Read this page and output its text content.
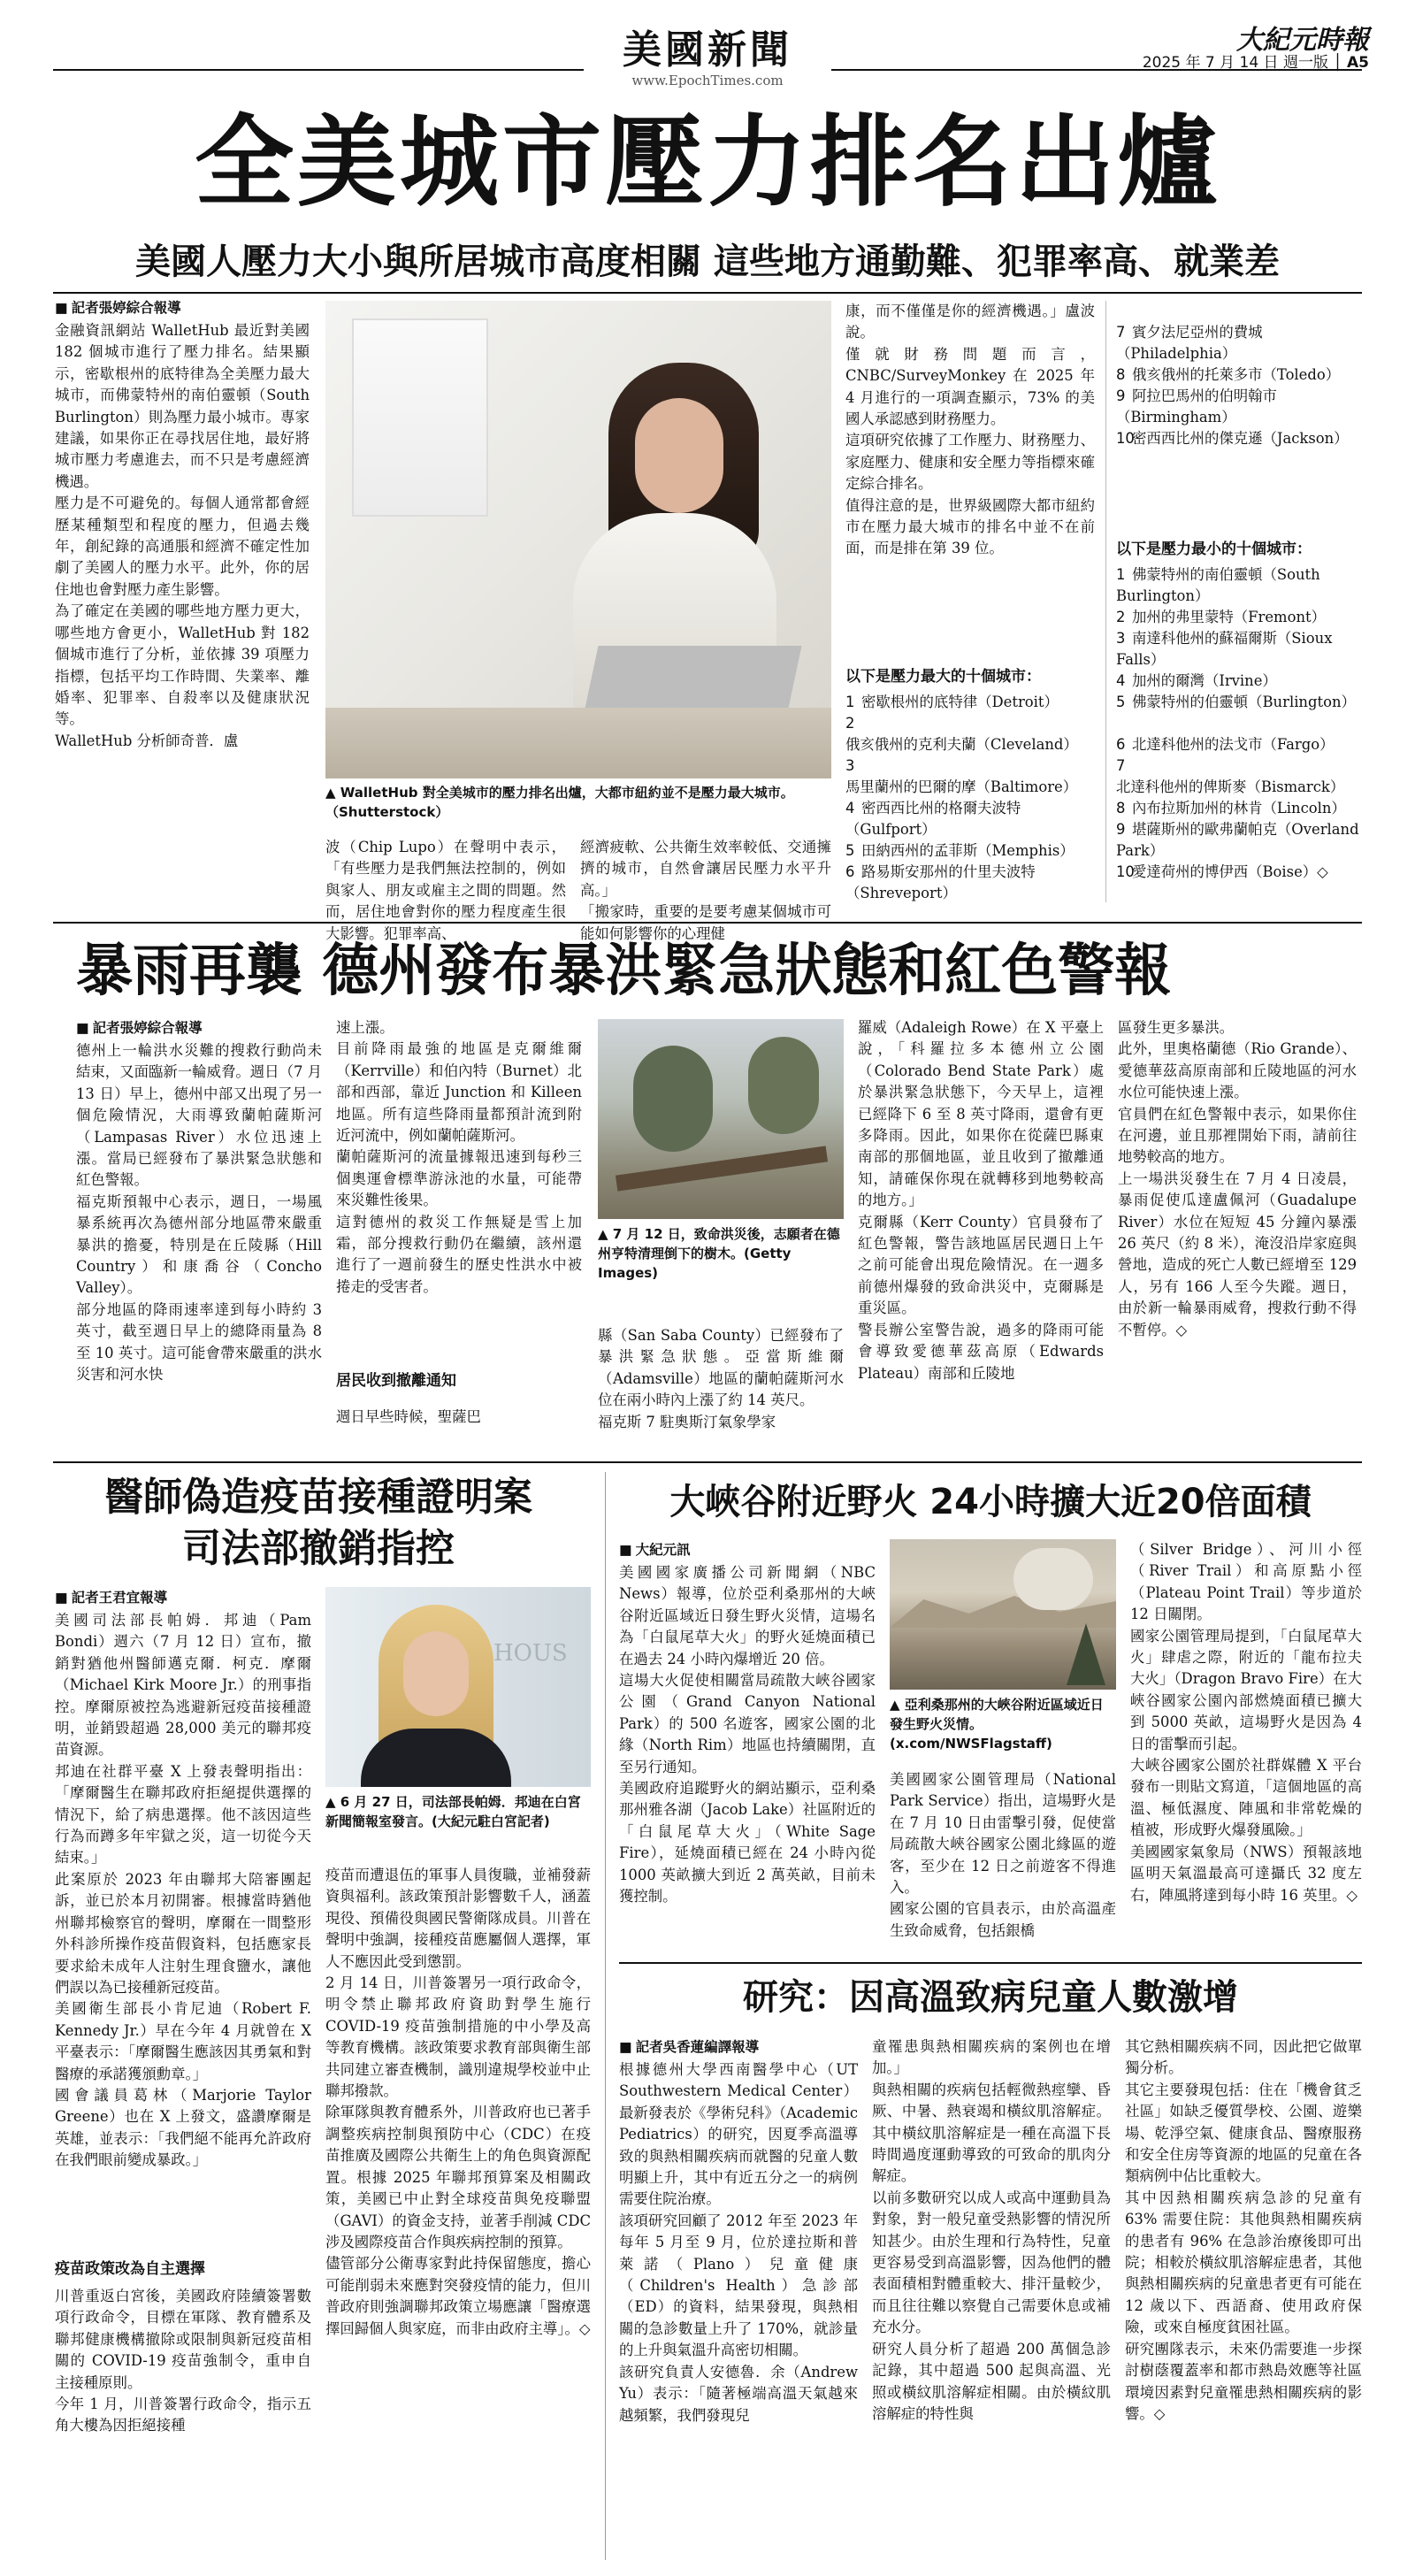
美國新聞
www.EpochTimes.com
大紀元時報
2025 年 7 月 14 日 週一版 │ A5
全美城市壓力排名出爐
美國人壓力大小與所居城市高度相關 這些地方通勤難、犯罪率高、就業差
■ 記者張婷綜合報導
金融資訊網站 WalletHub 最近對美國 182 個城市進行了壓力排名。結果顯示，密歇根州的底特律為全美壓力最大城市，而佛蒙特州的南伯靈頓（South Burlington）則為壓力最小城市。專家建議，如果你正在尋找居住地，最好將城市壓力考慮進去，而不只是考慮經濟機遇。
壓力是不可避免的。每個人通常都會經歷某種類型和程度的壓力，但過去幾年，創紀錄的高通脹和經濟不確定性加劇了美國人的壓力水平。此外，你的居住地也會對壓力產生影響。
為了確定在美國的哪些地方壓力更大，哪些地方會更小，WalletHub 對 182 個城市進行了分析，並依據 39 項壓力指標，包括平均工作時間、失業率、離婚率、犯罪率、自殺率以及健康狀況等。
WalletHub 分析師奇普．盧
▲ WalletHub 對全美城市的壓力排名出爐，大都市紐約並不是壓力最大城市。（Shutterstock）
波（Chip Lupo）在聲明中表示，「有些壓力是我們無法控制的，例如與家人、朋友或雇主之間的問題。然而，居住地會對你的壓力程度產生很大影響。犯罪率高、
經濟疲軟、公共衛生效率較低、交通擁擠的城市，自然會讓居民壓力水平升高。」
「搬家時，重要的是要考慮某個城市可能如何影響你的心理健
康，而不僅僅是你的經濟機遇。」盧波說。
僅就財務問題而言，CNBC/SurveyMonkey 在 2025 年 4 月進行的一項調查顯示，73% 的美國人承認感到財務壓力。
這項研究依據了工作壓力、財務壓力、家庭壓力、健康和安全壓力等指標來確定綜合排名。
值得注意的是，世界級國際大都市紐約市在壓力最大城市的排名中並不在前面，而是排在第 39 位。
以下是壓力最大的十個城市：
1 密歇根州的底特律（Detroit）
2俄亥俄州的克利夫蘭（Cleveland）
3馬里蘭州的巴爾的摩（Baltimore）
4 密西西比州的格爾夫波特（Gulfport）
5 田納西州的孟菲斯（Memphis）
6 路易斯安那州的什里夫波特（Shreveport）
7 賓夕法尼亞州的費城（Philadelphia）
8 俄亥俄州的托萊多市（Toledo）
9 阿拉巴馬州的伯明翰市（Birmingham）
10密西西比州的傑克遜（Jackson）
以下是壓力最小的十個城市：
1 佛蒙特州的南伯靈頓（South Burlington）
2 加州的弗里蒙特（Fremont）
3 南達科他州的蘇福爾斯（Sioux Falls）
4 加州的爾灣（Irvine）
5 佛蒙特州的伯靈頓（Burlington）
6 北達科他州的法戈市（Fargo）
7北達科他州的俾斯麥（Bismarck）
8 內布拉斯加州的林肯（Lincoln）
9 堪薩斯州的歐弗蘭帕克（Overland Park）
10愛達荷州的博伊西（Boise）◇
暴雨再襲 德州發布暴洪緊急狀態和紅色警報
■ 記者張婷綜合報導
德州上一輪洪水災難的搜救行動尚未結束，又面臨新一輪威脅。週日（7 月 13 日）早上，德州中部又出現了另一個危險情況，大雨導致蘭帕薩斯河（Lampasas River）水位迅速上漲。當局已經發布了暴洪緊急狀態和紅色警報。
福克斯預報中心表示，週日，一場風暴系統再次為德州部分地區帶來嚴重暴洪的擔憂，特別是在丘陵縣（Hill Country）和康喬谷（Concho Valley）。
部分地區的降雨速率達到每小時約 3 英寸，截至週日早上的總降雨量為 8 至 10 英寸。這可能會帶來嚴重的洪水災害和河水快
速上漲。
目前降雨最強的地區是克爾維爾（Kerrville）和伯內特（Burnet）北部和西部，靠近 Junction 和 Killeen 地區。所有這些降雨量都預計流到附近河流中，例如蘭帕薩斯河。
蘭帕薩斯河的流量據報迅速到每秒三個奧運會標準游泳池的水量，可能帶來災難性後果。
這對德州的救災工作無疑是雪上加霜，部分搜救行動仍在繼續，該州還進行了一週前發生的歷史性洪水中被捲走的受害者。
居民收到撤離通知
週日早些時候，聖薩巴
▲ 7 月 12 日，致命洪災後，志願者在德州亨特清理倒下的樹木。(Getty Images)
縣（San Saba County）已經發布了暴洪緊急狀態。亞當斯維爾（Adamsville）地區的蘭帕薩斯河水位在兩小時內上漲了約 14 英尺。
福克斯 7 駐奧斯汀氣象學家
羅威（Adaleigh Rowe）在 X 平臺上說，「科羅拉多本德州立公園（Colorado Bend State Park）處於暴洪緊急狀態下，今天早上，這裡已經降下 6 至 8 英寸降雨，還會有更多降雨。因此，如果你在從薩巴縣東南部的那個地區，並且收到了撤離通知，請確保你現在就轉移到地勢較高的地方。」
克爾縣（Kerr County）官員發布了紅色警報，警告該地區居民週日上午之前可能會出現危險情況。在一週多前德州爆發的致命洪災中，克爾縣是重災區。
警長辦公室警告說，過多的降雨可能會導致愛德華茲高原（Edwards Plateau）南部和丘陵地
區發生更多暴洪。
此外，里奧格蘭德（Rio Grande）、愛德華茲高原南部和丘陵地區的河水水位可能快速上漲。
官員們在紅色警報中表示，如果你住在河邊，並且那裡開始下雨，請前往地勢較高的地方。
上一場洪災發生在 7 月 4 日凌晨，暴雨促使瓜達盧佩河（Guadalupe River）水位在短短 45 分鐘內暴漲 26 英尺（約 8 米），淹沒沿岸家庭與營地，造成的死亡人數已經增至 129 人，另有 166 人至今失蹤。週日，由於新一輪暴雨威脅，搜救行動不得不暫停。◇
醫師偽造疫苗接種證明案
司法部撤銷指控
■ 記者王君宜報導
美國司法部長帕姆．邦迪（Pam Bondi）週六（7 月 12 日）宣布，撤銷對猶他州醫師邁克爾．柯克．摩爾（Michael Kirk Moore Jr.）的刑事指控。摩爾原被控為逃避新冠疫苗接種證明，並銷毀超過 28,000 美元的聯邦疫苗資源。
邦迪在社群平臺 X 上發表聲明指出：「摩爾醫生在聯邦政府拒絕提供選擇的情況下，給了病患選擇。他不該因這些行為而蹲多年牢獄之災，這一切從今天結束。」
此案原於 2023 年由聯邦大陪審團起訴，並已於本月初開審。根據當時猶他州聯邦檢察官的聲明，摩爾在一間整形外科診所操作疫苗假資料，包括應家長要求給未成年人注射生理食鹽水，讓他們誤以為已接種新冠疫苗。
美國衛生部長小肯尼迪（Robert F. Kennedy Jr.）早在今年 4 月就曾在 X 平臺表示：「摩爾醫生應該因其勇氣和對醫療的承諾獲頒勳章。」
國會議員葛林（Marjorie Taylor Greene）也在 X 上發文，盛讚摩爾是英雄，並表示：「我們絕不能再允許政府在我們眼前變成暴政。」
疫苗政策改為自主選擇
川普重返白宮後，美國政府陸續簽署數項行政命令，目標在軍隊、教育體系及聯邦健康機構撤除或限制與新冠疫苗相關的 COVID-19 疫苗強制令，重申自主接種原則。
今年 1 月，川普簽署行政命令，指示五角大樓為因拒絕接種
HOUS
▲ 6 月 27 日，司法部長帕姆．邦迪在白宮新聞簡報室發言。(大紀元駐白宮記者)
疫苗而遭退伍的軍事人員復職，並補發薪資與福利。該政策預計影響數千人，涵蓋現役、預備役與國民警衛隊成員。川普在聲明中強調，接種疫苗應屬個人選擇，軍人不應因此受到懲罰。
2 月 14 日，川普簽署另一項行政命令，明令禁止聯邦政府資助對學生施行 COVID-19 疫苗強制措施的中小學及高等教育機構。該政策要求教育部與衛生部共同建立審查機制，識別違規學校並中止聯邦撥款。
除軍隊與教育體系外，川普政府也已著手調整疾病控制與預防中心（CDC）在疫苗推廣及國際公共衛生上的角色與資源配置。根據 2025 年聯邦預算案及相關政策，美國已中止對全球疫苗與免疫聯盟（GAVI）的資金支持，並著手削減 CDC 涉及國際疫苗合作與疾病控制的預算。
儘管部分公衛專家對此持保留態度，擔心可能削弱未來應對突發疫情的能力，但川普政府則強調聯邦政策立場應讓「醫療選擇回歸個人與家庭，而非由政府主導」。◇
大峽谷附近野火 24小時擴大近20倍面積
■ 大紀元訊
美國國家廣播公司新聞網（NBC News）報導，位於亞利桑那州的大峽谷附近區域近日發生野火災情，這場名為「白鼠尾草大火」的野火延燒面積已在過去 24 小時內爆增近 20 倍。
這場大火促使相關當局疏散大峽谷國家公園（Grand Canyon National Park）的 500 名遊客，國家公園的北緣（North Rim）地區也持續關閉，直至另行通知。
美國政府追蹤野火的網站顯示，亞利桑那州雅各湖（Jacob Lake）社區附近的「白鼠尾草大火」（White Sage Fire），延燒面積已經在 24 小時內從 1000 英畝擴大到近 2 萬英畝，目前未獲控制。
▲ 亞利桑那州的大峽谷附近區域近日發生野火災情。(x.com/NWSFlagstaff)
美國國家公園管理局（National Park Service）指出，這場野火是在 7 月 10 日由雷擊引發，促使當局疏散大峽谷國家公園北緣區的遊客，至少在 12 日之前遊客不得進入。
國家公園的官員表示，由於高溫產生致命威脅，包括銀橋
（Silver Bridge）、河川小徑（River Trail）和高原點小徑（Plateau Point Trail）等步道於 12 日關閉。
國家公園管理局提到，「白鼠尾草大火」肆虐之際，附近的「龍布拉夫大火」（Dragon Bravo Fire）在大峽谷國家公園內部燃燒面積已擴大到 5000 英畝，這場野火是因為 4 日的雷擊而引起。
大峽谷國家公園於社群媒體 X 平台發布一則貼文寫道，「這個地區的高溫、極低濕度、陣風和非常乾燥的植被，形成野火爆發風險。」
美國國家氣象局（NWS）預報該地區明天氣溫最高可達攝氏 32 度左右，陣風將達到每小時 16 英里。◇
研究：因高溫致病兒童人數激增
■ 記者吳香蓮編譯報導
根據德州大學西南醫學中心（UT Southwestern Medical Center）最新發表於《學術兒科》（Academic Pediatrics）的研究，因夏季高溫導致的與熱相關疾病而就醫的兒童人數明顯上升，其中有近五分之一的病例需要住院治療。
該項研究回顧了 2012 年至 2023 年每年 5 月至 9 月，位於達拉斯和普萊諾（Plano）兒童健康（Children's Health）急診部（ED）的資料，結果發現，與熱相關的急診數量上升了 170%，就診量的上升與氣溫升高密切相關。
該研究負責人安德魯．余（Andrew Yu）表示：「隨著極端高溫天氣越來越頻繁，我們發現兒
童罹患與熱相關疾病的案例也在增加。」
與熱相關的疾病包括輕微熱痙攣、昏厥、中暑、熱衰竭和橫紋肌溶解症。其中橫紋肌溶解症是一種在高溫下長時間過度運動導致的可致命的肌肉分解症。
以前多數研究以成人或高中運動員為對象，對一般兒童受熱影響的情況所知甚少。由於生理和行為特性，兒童更容易受到高溫影響，因為他們的體表面積相對體重較大、排汗量較少，而且往往難以察覺自己需要休息或補充水分。
研究人員分析了超過 200 萬個急診記錄，其中超過 500 起與高溫、光照或橫紋肌溶解症相關。由於橫紋肌溶解症的特性與
其它熱相關疾病不同，因此把它做單獨分析。
其它主要發現包括：住在「機會貧乏社區」如缺乏優質學校、公園、遊樂場、乾淨空氣、健康食品、醫療服務和安全住房等資源的地區的兒童在各類病例中佔比重較大。
其中因熱相關疾病急診的兒童有 63% 需要住院：其他與熱相關疾病的患者有 96% 在急診治療後即可出院；相較於橫紋肌溶解症患者，其他與熱相關疾病的兒童患者更有可能在 12 歲以下、西語裔、使用政府保險，或來自極度貧困社區。
研究團隊表示，未來仍需要進一步探討樹蔭覆蓋率和都市熱島效應等社區環境因素對兒童罹患熱相關疾病的影響。◇
